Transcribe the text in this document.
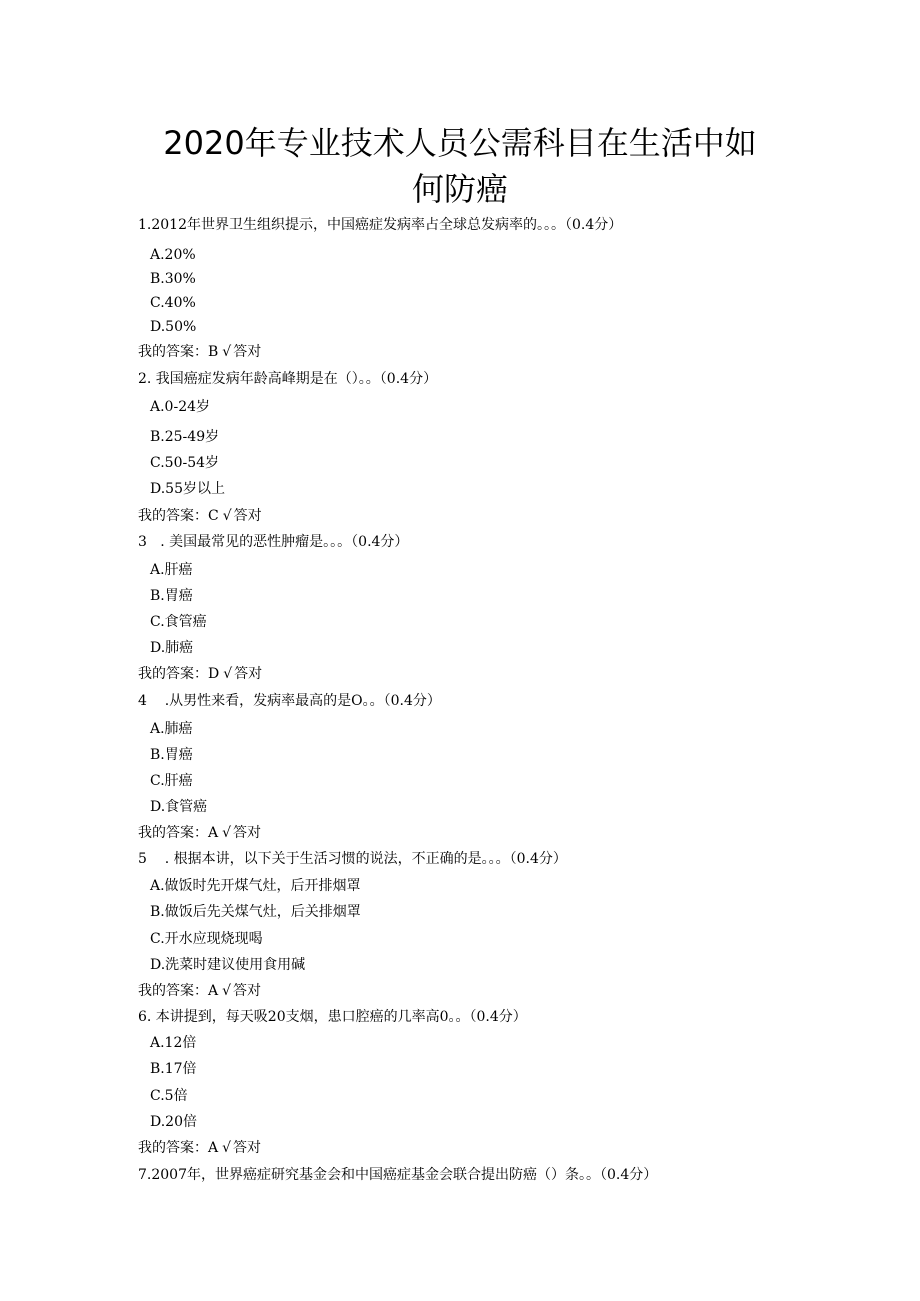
2020年专业技术人员公需科目在生活中如
何防癌
1.2012年世界卫生组织提示，中国癌症发病率占全球总发病率的。。。（0.4分）
A.20%
B.30%
C.40%
D.50%
我的答案：B √ 答对
2. 我国癌症发病年龄高峰期是在（）。。（0.4分）
A.0-24岁
B.25-49岁
C.50-54岁
D.55岁以上
我的答案：C √ 答对
3   . 美国最常见的恶性肿瘤是。。。（0.4分）
A.肝癌
B.胃癌
C.食管癌
D.肺癌
我的答案：D √ 答对
4    .从男性来看，发病率最高的是O。。（0.4分）
A.肺癌
B.胃癌
C.肝癌
D.食管癌
我的答案：A √ 答对
5    . 根据本讲，以下关于生活习惯的说法，不正确的是。。。（0.4分）
A.做饭时先开煤气灶，后开排烟罩
B.做饭后先关煤气灶，后关排烟罩
C.开水应现烧现喝
D.洗菜时建议使用食用碱
我的答案：A √ 答对
6. 本讲提到，每天吸20支烟，患口腔癌的几率高0。。（0.4分）
A.12倍
B.17倍
C.5倍
D.20倍
我的答案：A √ 答对
7.2007年，世界癌症研究基金会和中国癌症基金会联合提出防癌（）条。。（0.4分）
